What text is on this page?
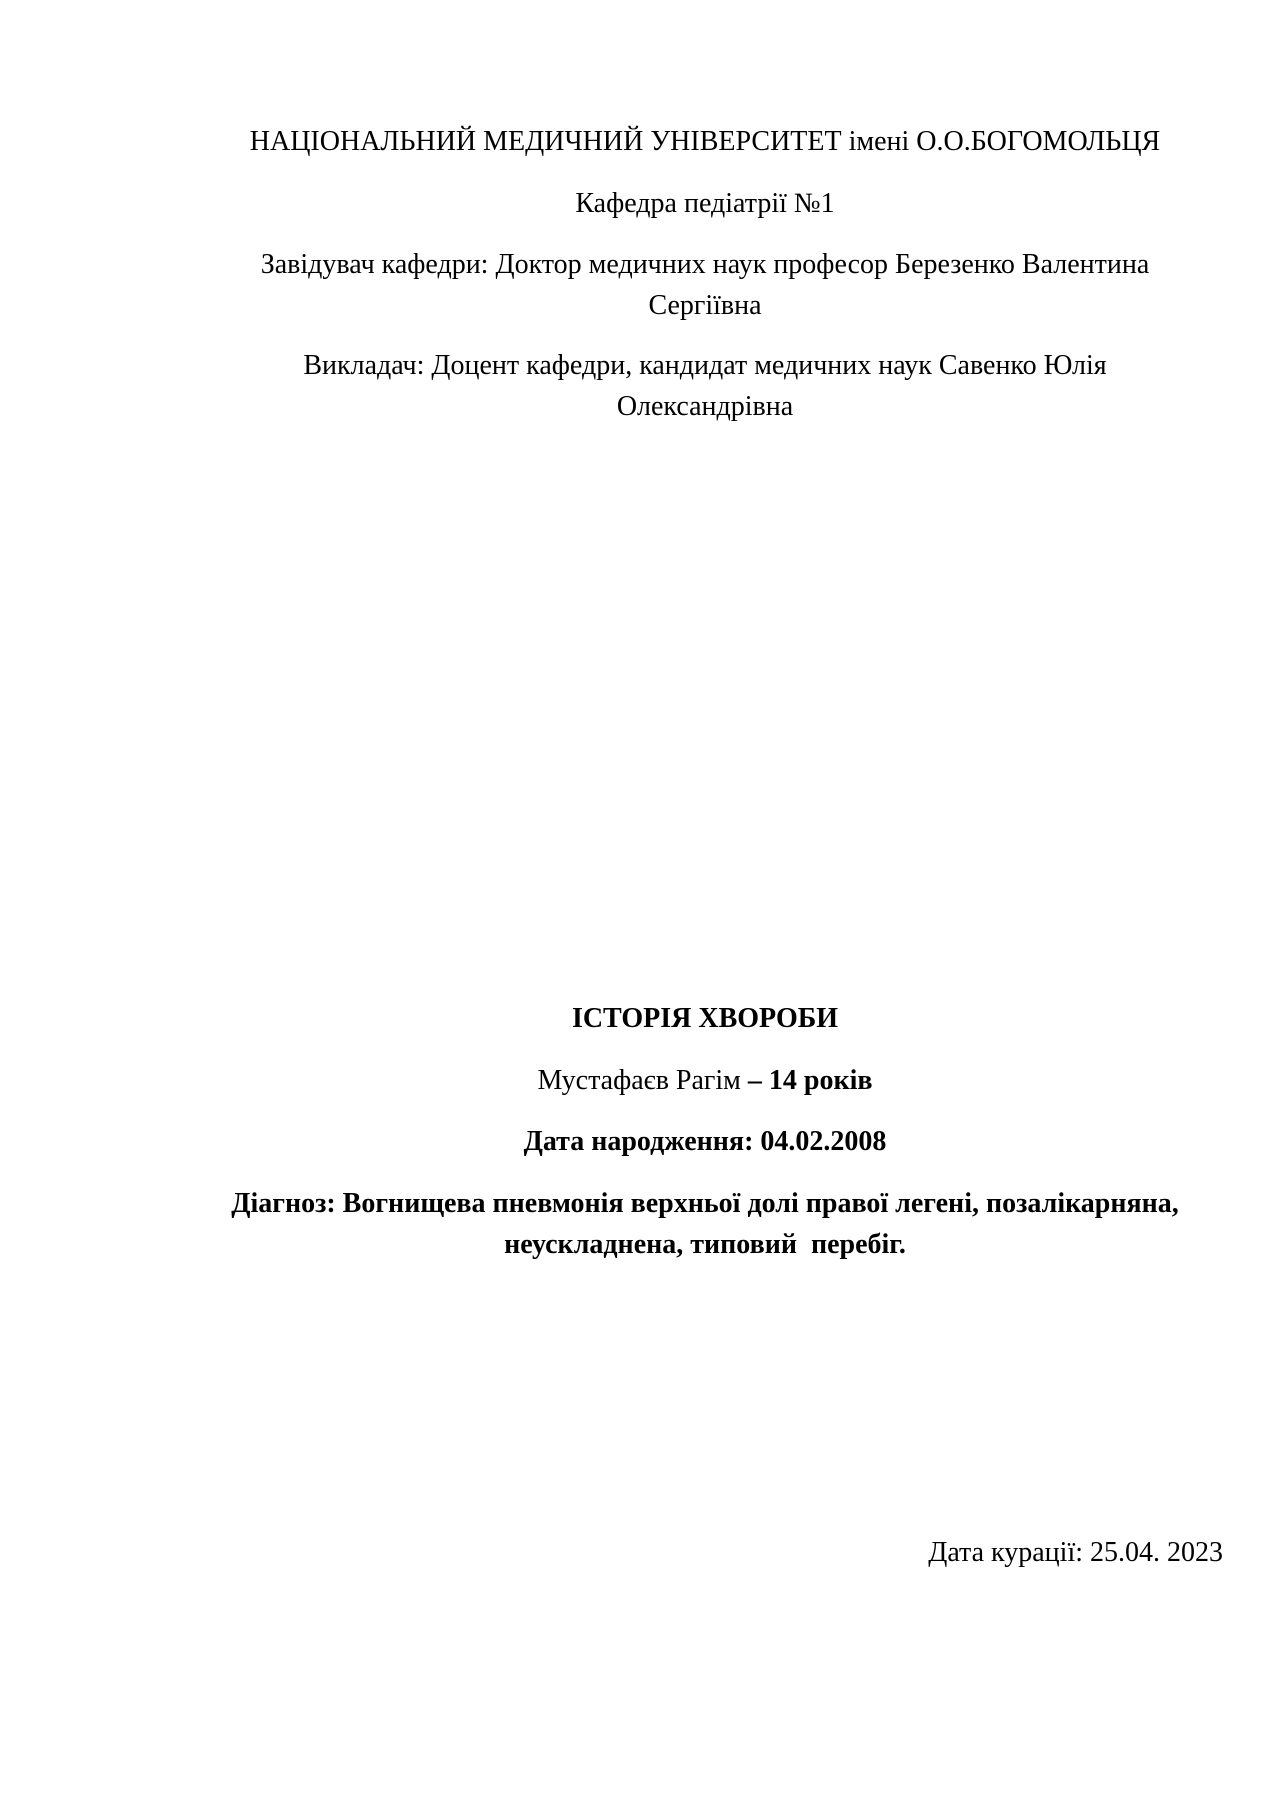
НАЦІОНАЛЬНИЙ МЕДИЧНИЙ УНІВЕРСИТЕТ імені О.О.БОГОМОЛЬЦЯ
Кафедра педіатрії №1
Завідувач кафедри: Доктор медичних наук професор Березенко Валентина
Сергіївна
Викладач: Доцент кафедри, кандидат медичних наук Савенко Юлія
Олександрівна
ІСТОРІЯ ХВОРОБИ
Мустафаєв Рагім – 14 років
Дата народження: 04.02.2008
Діагноз: Вогнищева пневмонія верхньої долі правої легені, позалікарняна,
неускладнена, типовий  перебіг.
Дата курації: 25.04. 2023
